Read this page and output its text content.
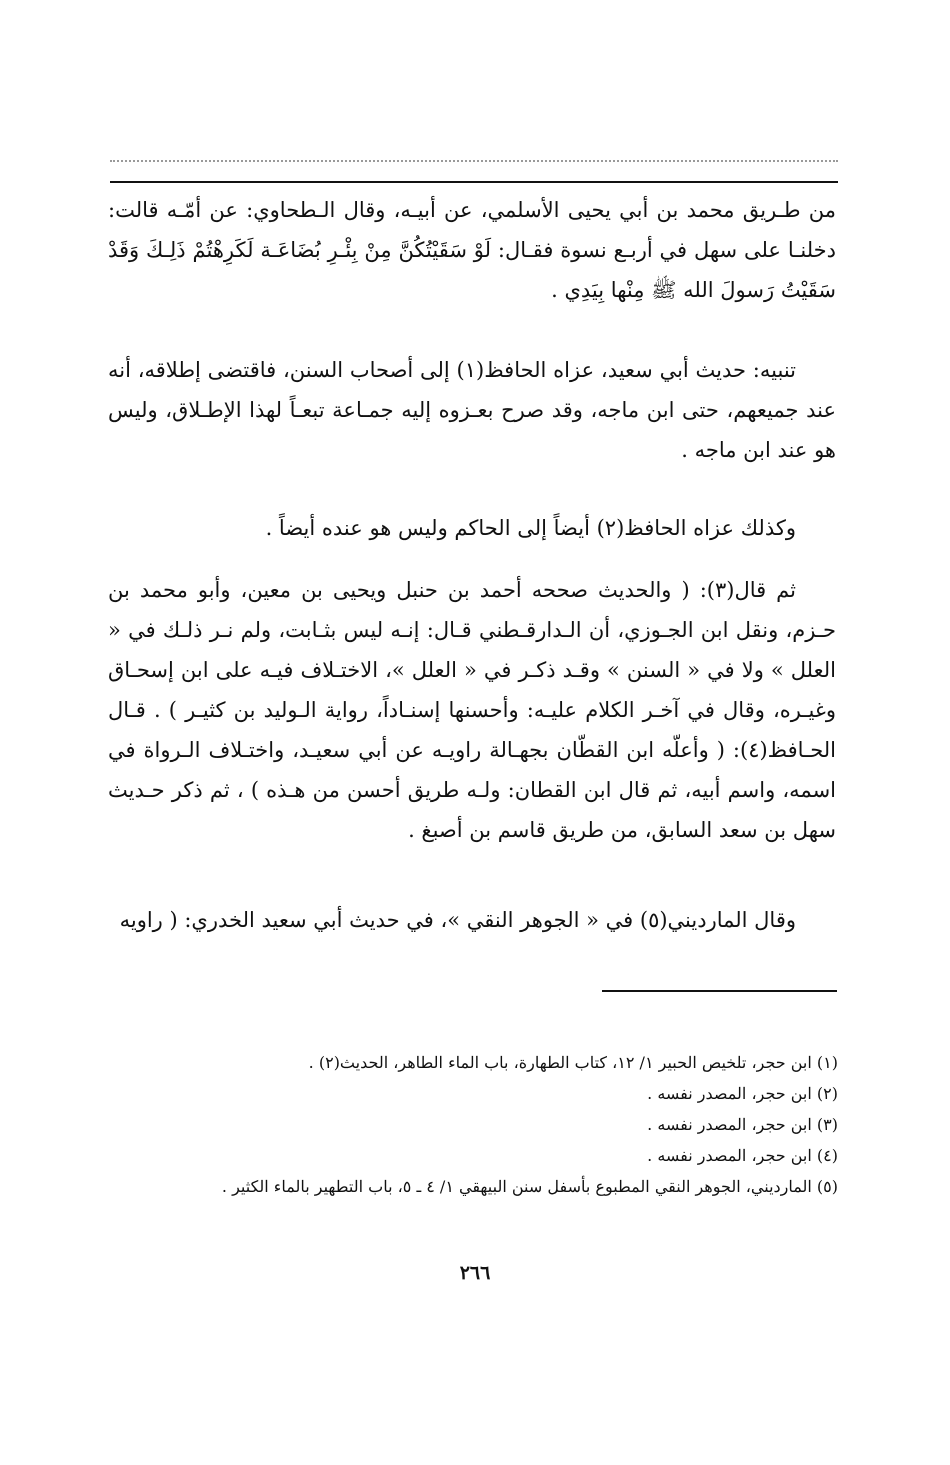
من طـريق محمد بن أبي يحيى الأسلمي، عن أبيـه، وقال الـطحاوي: عن أمّـه قالت: دخلنـا على سهل في أربـع نسوة فقـال: لَوْ سَقَيْتُكُنَّ مِنْ بِئْـرِ بُضَاعَـة لَكَرِهْتُمْ ذَلِـكَ وَقَدْ سَقَيْتُ رَسولَ الله ﷺ مِنْها بِيَدِي .

تنبيه: حديث أبي سعيد، عزاه الحافظ(١) إلى أصحاب السنن، فاقتضى إطلاقه، أنه عند جميعهم، حتى ابن ماجه، وقد صرح بعـزوه إليه جمـاعة تبعـاً لهذا الإطـلاق، وليس هو عند ابن ماجه .

وكذلك عزاه الحافظ(٢) أيضاً إلى الحاكم وليس هو عنده أيضاً .

ثم قال(٣): ( والحديث صححه أحمد بن حنبل ويحيى بن معين، وأبو محمد بن حـزم، ونقل ابن الجـوزي، أن الـدارقـطني قـال: إنـه ليس بثـابت، ولم نـر ذلـك في « العلل » ولا في « السنن » وقـد ذكـر في « العلل »، الاختـلاف فيـه على ابن إسحـاق وغيـره، وقال في آخـر الكلام عليـه: وأحسنها إسنـاداً، رواية الـوليد بن كثيـر ) . قـال الحـافظ(٤): ( وأعلّه ابن القطّان بجهـالة راويـه عن أبي سعيـد، واختـلاف الـرواة في اسمه، واسم أبيه، ثم قال ابن القطان: ولـه طريق أحسن من هـذه ) ، ثم ذكر حـديث سهل بن سعد السابق، من طريق قاسم بن أصبغ .

وقال المارديني(٥) في « الجوهر النقي »، في حديث أبي سعيد الخدري: ( راويه

(١) ابن حجر، تلخيص الحبير ١/ ١٢، كتاب الطهارة، باب الماء الطاهر، الحديث(٢) .
(٢) ابن حجر، المصدر نفسه .
(٣) ابن حجر، المصدر نفسه .
(٤) ابن حجر، المصدر نفسه .
(٥) المارديني، الجوهر النقي المطبوع بأسفل سنن البيهقي ١/ ٤ ـ ٥، باب التطهير بالماء الكثير .
٢٦٦
